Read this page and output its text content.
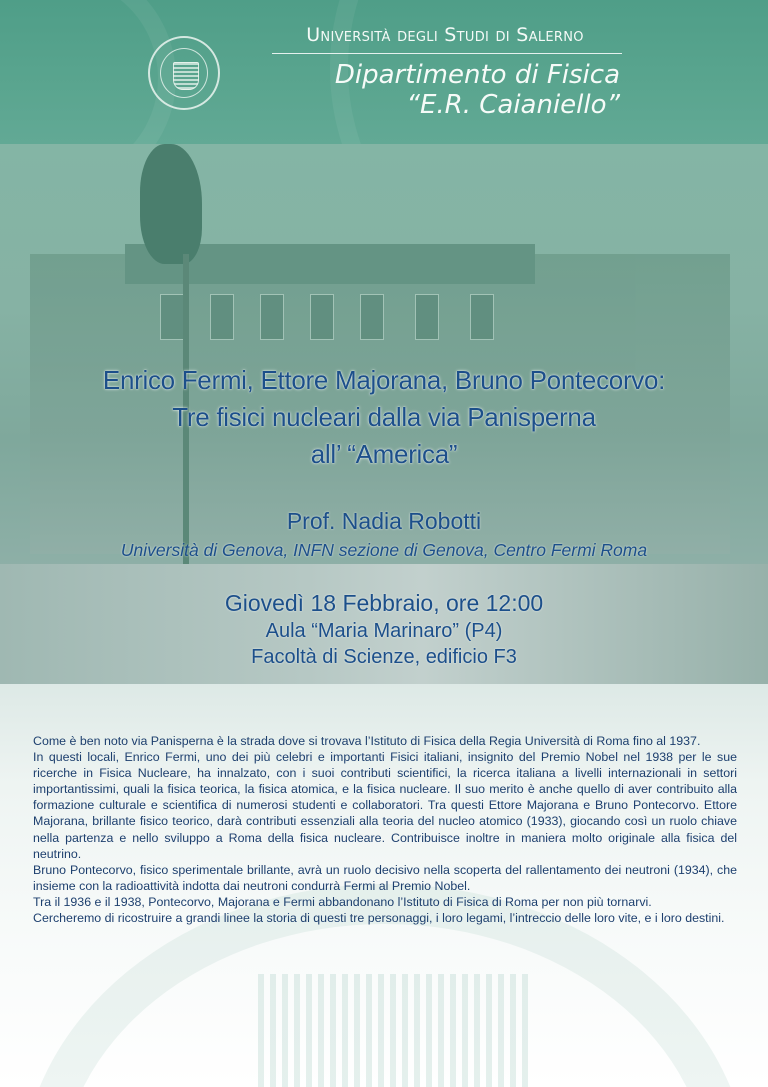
Università degli Studi di Salerno
Dipartimento di Fisica
“E.R. Caianiello”
Enrico Fermi, Ettore Majorana, Bruno Pontecorvo:
Tre fisici nucleari dalla via Panisperna
all’ “America”
Prof. Nadia Robotti
Università di Genova, INFN sezione di Genova, Centro Fermi Roma
Giovedì 18 Febbraio, ore 12:00
Aula “Maria Marinaro” (P4)
Facoltà di Scienze, edificio F3

Come è ben noto via Panisperna è la strada dove si trovava l’Istituto di Fisica della Regia Università di Roma fino al 1937.

In questi locali, Enrico Fermi, uno dei più celebri e importanti Fisici italiani, insignito del Premio Nobel nel 1938 per le sue ricerche in Fisica Nucleare, ha innalzato, con i suoi contributi scientifici, la ricerca italiana a livelli internazionali in settori importantissimi, quali la fisica teorica, la fisica atomica, e la fisica nucleare. Il suo merito è anche quello di aver contribuito alla formazione culturale e scientifica di numerosi studenti e collaboratori. Tra questi Ettore Majorana e Bruno Pontecorvo. Ettore Majorana, brillante fisico teorico, darà contributi essenziali alla teoria del nucleo atomico (1933), giocando così un ruolo chiave nella partenza e nello sviluppo a Roma della fisica nucleare. Contribuisce inoltre in maniera molto originale alla fisica del neutrino.

Bruno Pontecorvo, fisico sperimentale brillante, avrà un ruolo decisivo nella scoperta del rallentamento dei neutroni (1934), che insieme con la radioattività indotta dai neutroni condurrà Fermi al Premio Nobel.

Tra il 1936 e il 1938, Pontecorvo, Majorana e Fermi abbandonano l’Istituto di Fisica di Roma per non più tornarvi.

Cercheremo di ricostruire a grandi linee la storia di questi tre personaggi, i loro legami, l’intreccio delle loro vite, e i loro destini.
